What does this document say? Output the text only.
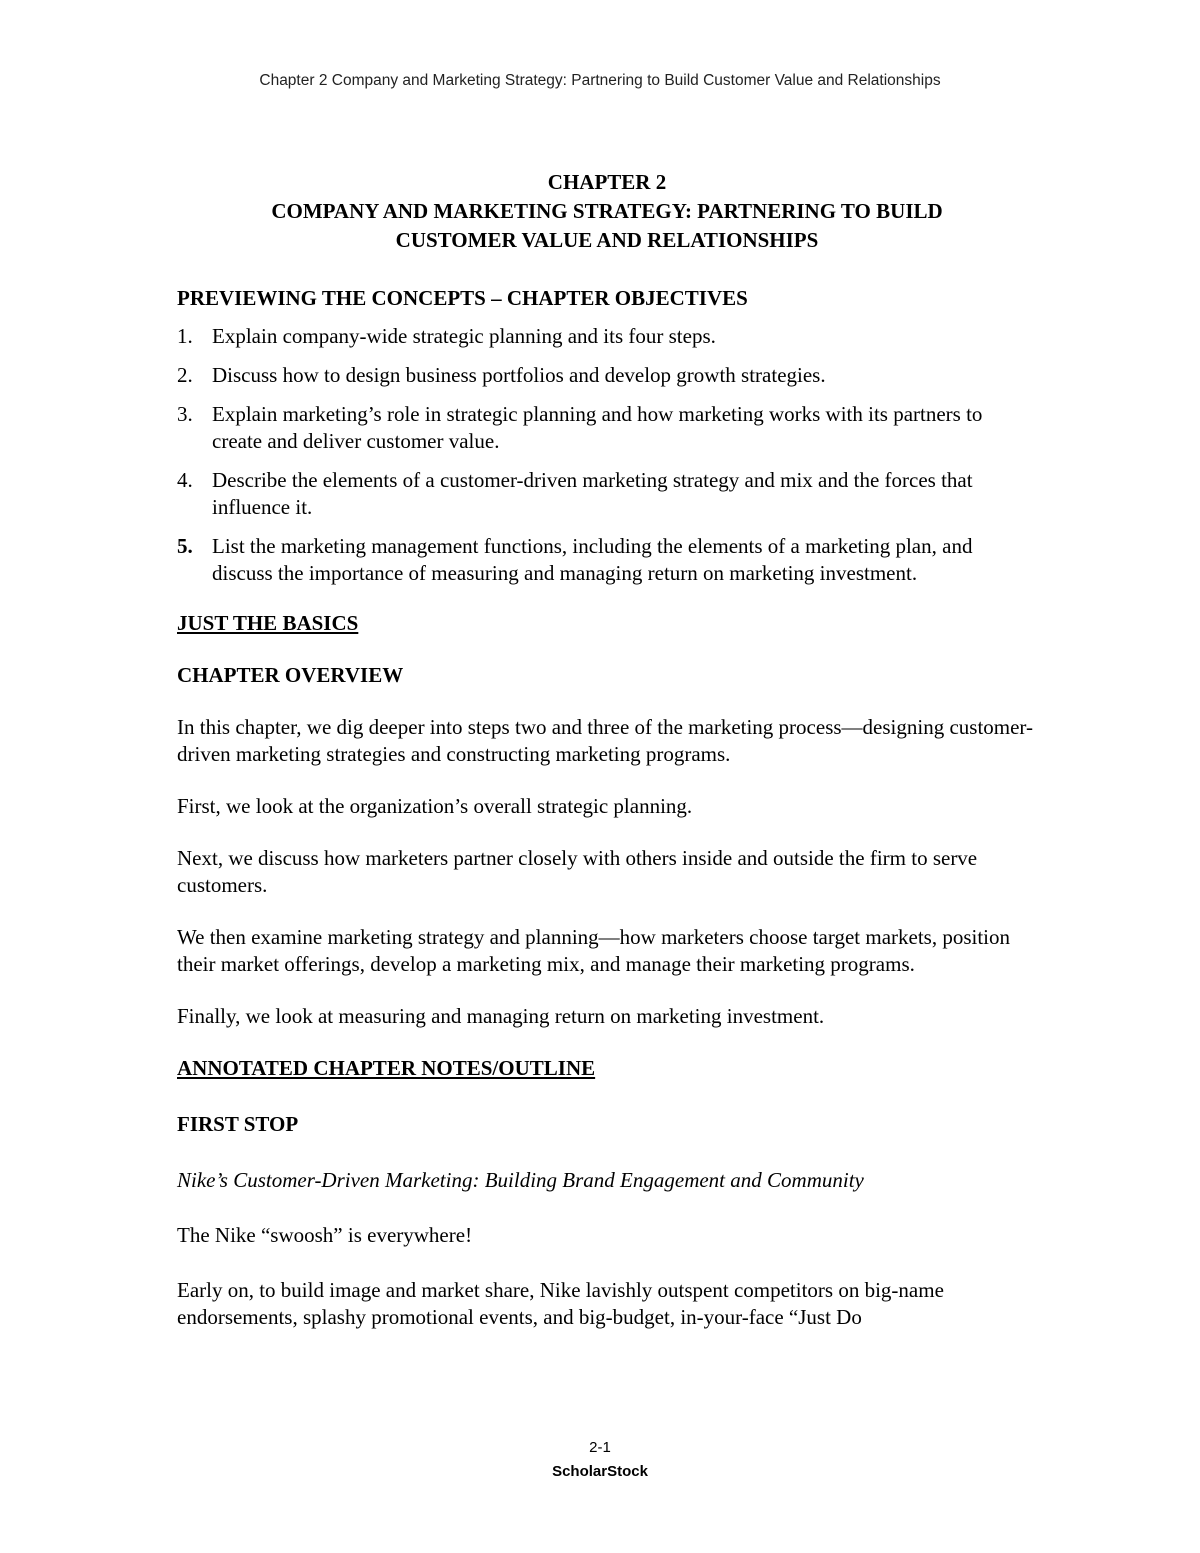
Chapter 2 Company and Marketing Strategy: Partnering to Build Customer Value and Relationships
CHAPTER 2
COMPANY AND MARKETING STRATEGY: PARTNERING TO BUILD
CUSTOMER VALUE AND RELATIONSHIPS
PREVIEWING THE CONCEPTS – CHAPTER OBJECTIVES
1. Explain company-wide strategic planning and its four steps.
2. Discuss how to design business portfolios and develop growth strategies.
3. Explain marketing’s role in strategic planning and how marketing works with its partners to create and deliver customer value.
4. Describe the elements of a customer-driven marketing strategy and mix and the forces that influence it.
5. List the marketing management functions, including the elements of a marketing plan, and discuss the importance of measuring and managing return on marketing investment.
JUST THE BASICS
CHAPTER OVERVIEW

In this chapter, we dig deeper into steps two and three of the marketing process—designing customer-driven marketing strategies and constructing marketing programs.

First, we look at the organization’s overall strategic planning.

Next, we discuss how marketers partner closely with others inside and outside the firm to serve customers.

We then examine marketing strategy and planning—how marketers choose target markets, position their market offerings, develop a marketing mix, and manage their marketing programs.

Finally, we look at measuring and managing return on marketing investment.

ANNOTATED CHAPTER NOTES/OUTLINE
FIRST STOP

Nike’s Customer-Driven Marketing: Building Brand Engagement and Community

The Nike “swoosh” is everywhere!

Early on, to build image and market share, Nike lavishly outspent competitors on big-name endorsements, splashy promotional events, and big-budget, in-your-face “Just Do

2-1
ScholarStock
